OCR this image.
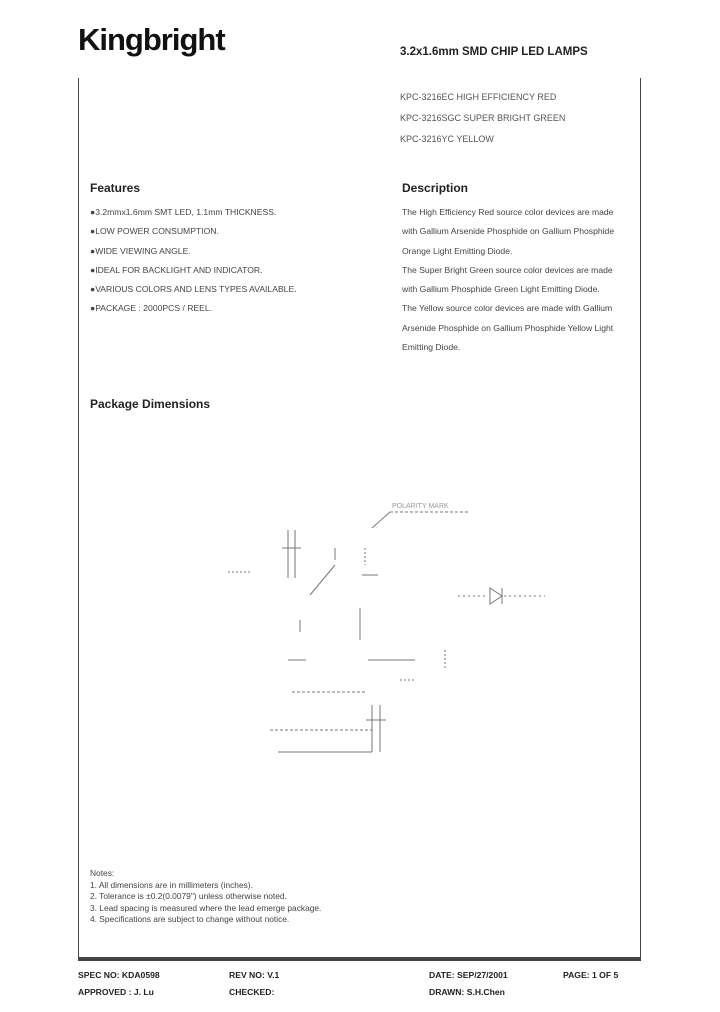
Kingbright	3.2x1.6mm SMD CHIP LED LAMPS
KPC-3216EC HIGH EFFICIENCY RED
KPC-3216SGC SUPER BRIGHT GREEN
KPC-3216YC YELLOW
Features
●3.2mmx1.6mm SMT LED, 1.1mm THICKNESS.
●LOW POWER CONSUMPTION.
●WIDE VIEWING ANGLE.
●IDEAL FOR BACKLIGHT AND INDICATOR.
●VARIOUS COLORS AND LENS TYPES AVAILABLE.
●PACKAGE : 2000PCS / REEL.
Description

The High Efficiency Red source color devices are made with Gallium Arsenide Phosphide on Gallium Phosphide Orange Light Emitting Diode.

The Super Bright Green source color devices are made with Gallium Phosphide Green Light Emitting Diode.

The Yellow source color devices are made with Gallium Arsenide Phosphide on Gallium Phosphide Yellow Light Emitting Diode.

Package Dimensions
POLARITY MARK
Notes:
1. All dimensions are in millimeters (inches).
2. Tolerance is ±0.2(0.0079") unless otherwise noted.
3. Lead spacing is measured where the lead emerge package.
4. Specifications are subject to change without notice.
SPEC NO: KDA0598	REV NO: V.1	DATE: SEP/27/2001	PAGE: 1 OF 5
APPROVED : J. Lu	CHECKED:	DRAWN: S.H.Chen
